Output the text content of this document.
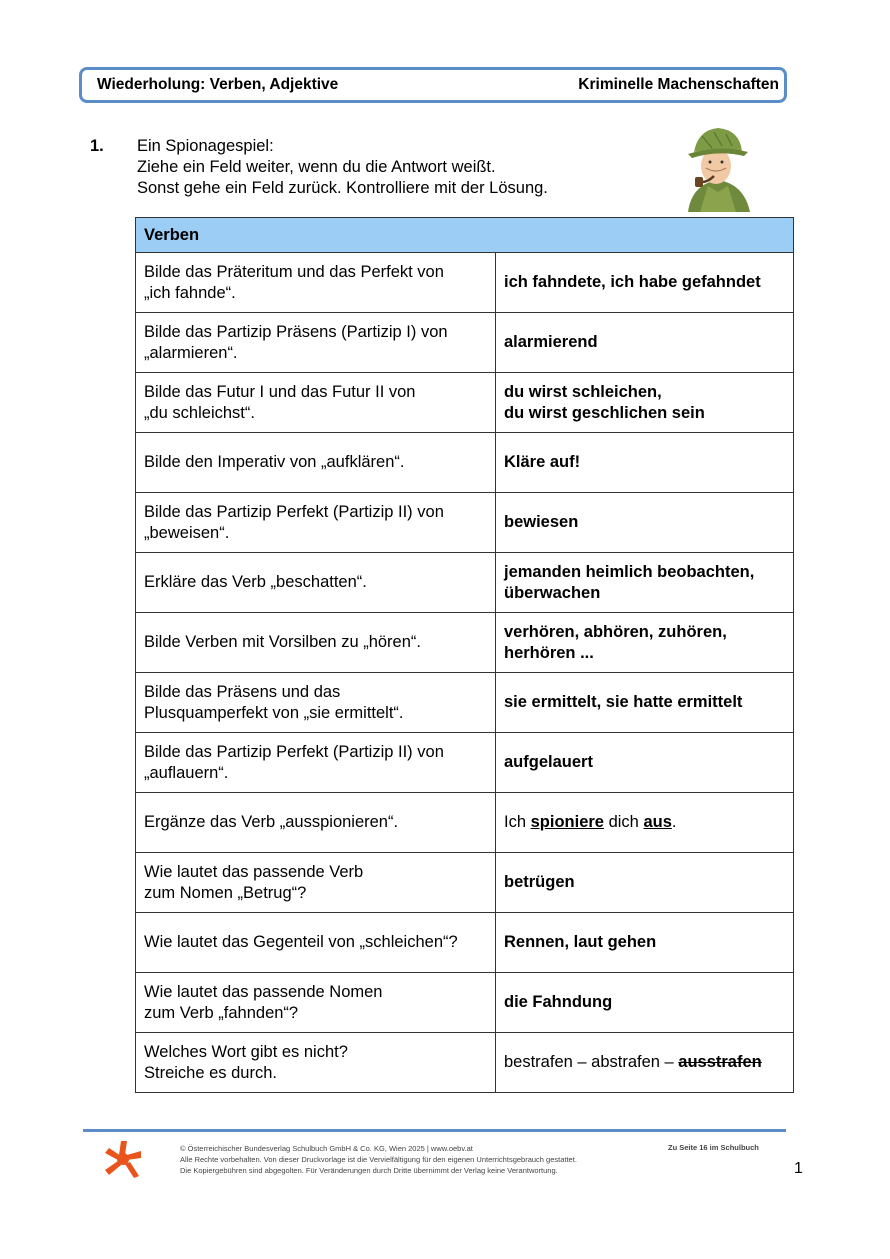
Wiederholung: Verben, Adjektive	Kriminelle Machenschaften
1. Ein Spionagespiel:
Ziehe ein Feld weiter, wenn du die Antwort weißt.
Sonst gehe ein Feld zurück. Kontrolliere mit der Lösung.
Verben	

Bilde das Präteritum und das Perfekt von
„ich fahnde“.	ich fahndete, ich habe gefahndet

Bilde das Partizip Präsens (Partizip I) von
„alarmieren“.	alarmierend

Bilde das Futur I und das Futur II von
„du schleichst“.	du wirst schleichen,
du wirst geschlichen sein

Bilde den Imperativ von „aufklären“.	Kläre auf!

Bilde das Partizip Perfekt (Partizip II) von
„beweisen“.	bewiesen

Erkläre das Verb „beschatten“.	jemanden heimlich beobachten,
überwachen

Bilde Verben mit Vorsilben zu „hören“.	verhören, abhören, zuhören,
herhören ...

Bilde das Präsens und das
Plusquamperfekt von „sie ermittelt“.	sie ermittelt, sie hatte ermittelt

Bilde das Partizip Perfekt (Partizip II) von
„auflauern“.	aufgelauert

Ergänze das Verb „ausspionieren“.	Ich spioniere dich aus.

Wie lautet das passende Verb
zum Nomen „Betrug“?	betrügen

Wie lautet das Gegenteil von „schleichen“?	Rennen, laut gehen

Wie lautet das passende Nomen
zum Verb „fahnden“?	die Fahndung

Welches Wort gibt es nicht?
Streiche es durch.	bestrafen – abstrafen – ausstrafen
© Österreichischer Bundesverlag Schulbuch GmbH & Co. KG, Wien 2025 | www.oebv.at
Alle Rechte vorbehalten. Von dieser Druckvorlage ist die Vervielfältigung für den eigenen Unterrichtsgebrauch gestattet.
Die Kopiergebühren sind abgegolten. Für Veränderungen durch Dritte übernimmt der Verlag keine Verantwortung.
Zu Seite 16 im Schulbuch
1
